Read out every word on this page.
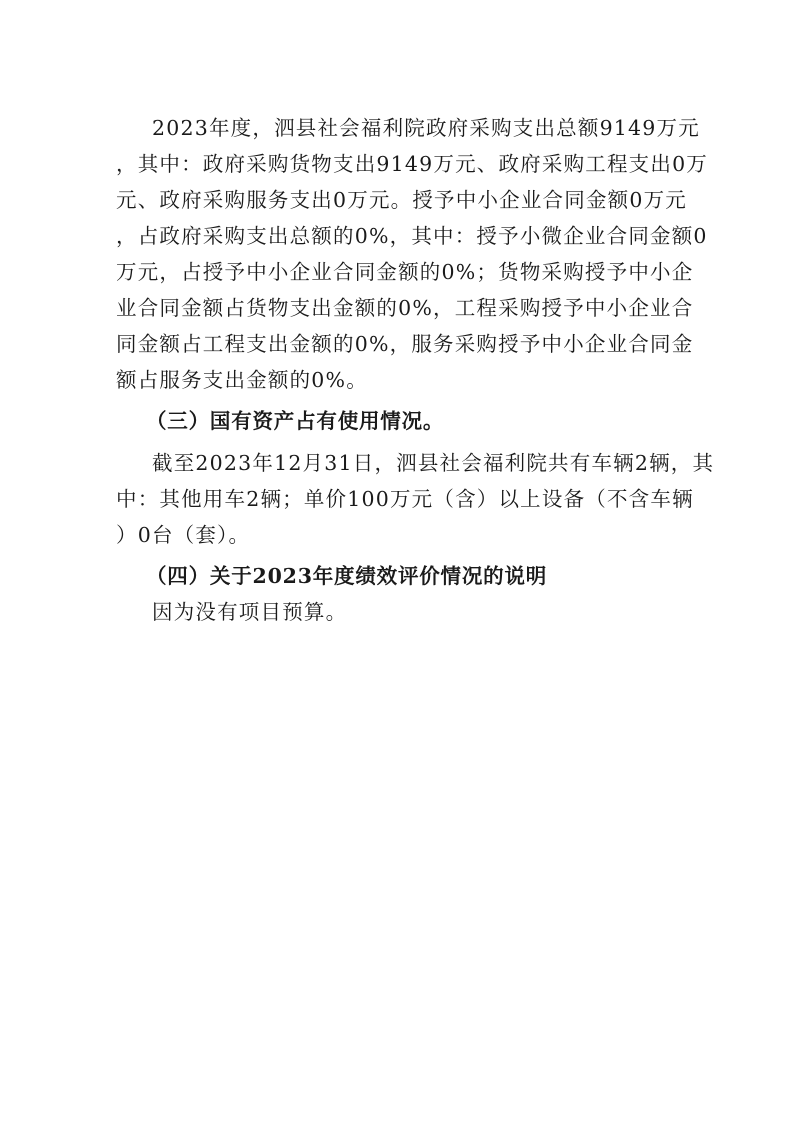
2023年度，泗县社会福利院政府采购支出总额9149万元
，其中：政府采购货物支出9149万元、政府采购工程支出0万
元、政府采购服务支出0万元。授予中小企业合同金额0万元
，占政府采购支出总额的0%，其中：授予小微企业合同金额0
万元，占授予中小企业合同金额的0%；货物采购授予中小企
业合同金额占货物支出金额的0%，工程采购授予中小企业合
同金额占工程支出金额的0%，服务采购授予中小企业合同金
额占服务支出金额的0%。
（三）国有资产占有使用情况。
截至2023年12月31日，泗县社会福利院共有车辆2辆，其
中：其他用车2辆；单价100万元（含）以上设备（不含车辆
）0台（套）。
（四）关于2023年度绩效评价情况的说明
因为没有项目预算。
